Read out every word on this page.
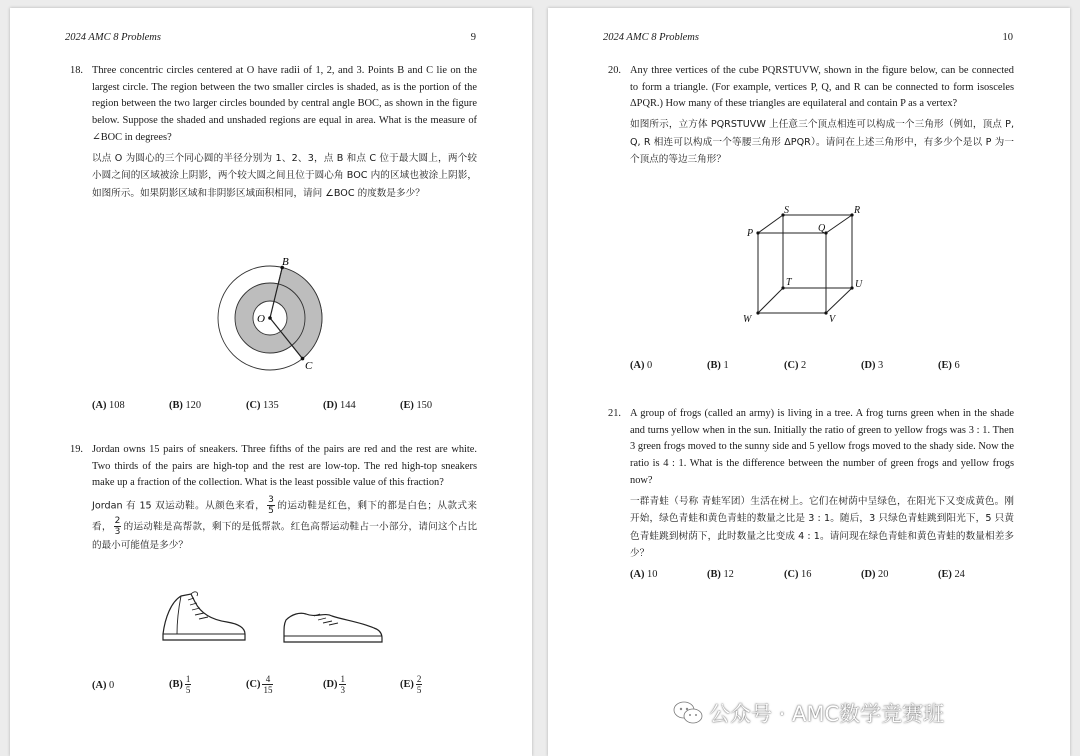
2024 AMC 8 Problems	9
18. Three concentric circles centered at O have radii of 1, 2, and 3. Points B and C lie on the largest circle. The region between the two smaller circles is shaded, as is the portion of the region between the two larger circles bounded by central angle BOC, as shown in the figure below. Suppose the shaded and unshaded regions are equal in area. What is the measure of ∠BOC in degrees?

以点 O 为圆心的三个同心圆的半径分别为 1、2、3，点 B 和点 C 位于最大圆上，两个较小圆之间的区域被涂上阴影，两个较大圆之间且位于圆心角 BOC 内的区域也被涂上阴影，如图所示。如果阴影区域和非阴影区域面积相同，请问 ∠BOC 的度数是多少？

O
B
C
(A) 108	(B) 120	(C) 135	(D) 144	(E) 150
19. Jordan owns 15 pairs of sneakers. Three fifths of the pairs are red and the rest are white. Two thirds of the pairs are high-top and the rest are low-top. The red high-top sneakers make up a fraction of the collection. What is the least possible value of this fraction?

Jordan 有 15 双运动鞋。从颜色来看， $\frac{3}{5}$ 的运动鞋是红色，剩下的都是白色；从款式来看， $\frac{2}{3}$ 的运动鞋是高帮款，剩下的是低帮款。红色高帮运动鞋占一小部分，请问这个占比的最小可能值是多少？

(A) 0	$(B) \frac{1}{5}$	$(C) \frac{4}{15}$	$(D) \frac{1}{3}$	$(E) \frac{2}{5}$
2024 AMC 8 Problems	10
20. Any three vertices of the cube PQRSTUVW, shown in the figure below, can be connected to form a triangle. (For example, vertices P, Q, and R can be connected to form isosceles ΔPQR.) How many of these triangles are equilateral and contain P as a vertex?

如图所示，立方体 PQRSTUVW 上任意三个顶点相连可以构成一个三角形（例如，顶点 P, Q, R 相连可以构成一个等腰三角形 ΔPQR）。请问在上述三角形中，有多少个是以 P 为一个顶点的等边三角形？

P	Q
R
S
T	U
V
W
(A) 0	(B) 1	(C) 2	(D) 3	(E) 6
21. A group of frogs (called an army) is living in a tree. A frog turns green when in the shade and turns yellow when in the sun. Initially the ratio of green to yellow frogs was 3 : 1. Then 3 green frogs moved to the sunny side and 5 yellow frogs moved to the shady side. Now the ratio is 4 : 1. What is the difference between the number of green frogs and yellow frogs now?

一群青蛙（号称 青蛙军团）生活在树上。它们在树荫中呈绿色，在阳光下又变成黄色。刚开始，绿色青蛙和黄色青蛙的数量之比是 3 : 1。随后，3 只绿色青蛙跳到阳光下，5 只黄色青蛙跳到树荫下，此时数量之比变成 4 : 1。请问现在绿色青蛙和黄色青蛙的数量相差多少？

(A) 10	(B) 12	(C) 16	(D) 20	(E) 24
公众号 · AMC数学竞赛班
